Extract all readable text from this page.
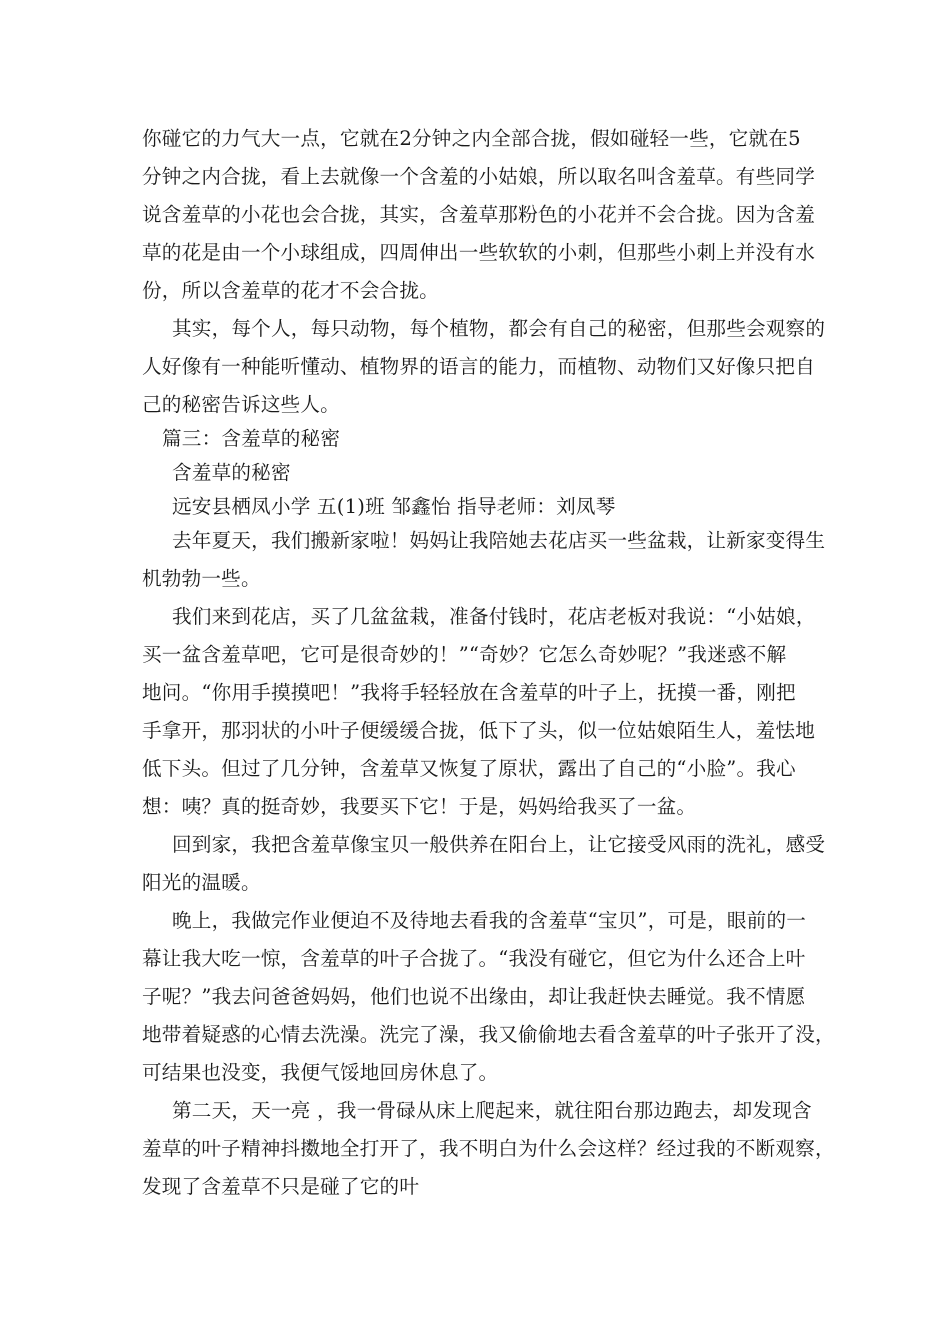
你碰它的力气大一点，它就在2分钟之内全部合拢，假如碰轻一些，它就在5
分钟之内合拢，看上去就像一个含羞的小姑娘，所以取名叫含羞草。有些同学
说含羞草的小花也会合拢，其实，含羞草那粉色的小花并不会合拢。因为含羞
草的花是由一个小球组成，四周伸出一些软软的小刺，但那些小刺上并没有水
份，所以含羞草的花才不会合拢。
其实，每个人，每只动物，每个植物，都会有自己的秘密，但那些会观察的
人好像有一种能听懂动、植物界的语言的能力，而植物、动物们又好像只把自
己的秘密告诉这些人。
篇三：含羞草的秘密
含羞草的秘密
远安县栖凤小学 五(1)班 邹鑫怡 指导老师：刘凤琴
去年夏天，我们搬新家啦！妈妈让我陪她去花店买一些盆栽，让新家变得生
机勃勃一些。
我们来到花店，买了几盆盆栽，准备付钱时，花店老板对我说：“小姑娘，
买一盆含羞草吧，它可是很奇妙的！”“奇妙？它怎么奇妙呢？”我迷惑不解
地问。“你用手摸摸吧！”我将手轻轻放在含羞草的叶子上，抚摸一番，刚把
手拿开，那羽状的小叶子便缓缓合拢，低下了头，似一位姑娘陌生人，羞怯地
低下头。但过了几分钟，含羞草又恢复了原状，露出了自己的“小脸”。我心
想：咦？真的挺奇妙，我要买下它！于是，妈妈给我买了一盆。
回到家，我把含羞草像宝贝一般供养在阳台上，让它接受风雨的洗礼，感受
阳光的温暖。
晚上，我做完作业便迫不及待地去看我的含羞草“宝贝”，可是，眼前的一
幕让我大吃一惊，含羞草的叶子合拢了。“我没有碰它，但它为什么还合上叶
子呢？”我去问爸爸妈妈，他们也说不出缘由，却让我赶快去睡觉。我不情愿
地带着疑惑的心情去洗澡。洗完了澡，我又偷偷地去看含羞草的叶子张开了没，
可结果也没变，我便气馁地回房休息了。
第二天，天一亮 ，我一骨碌从床上爬起来，就往阳台那边跑去，却发现含
羞草的叶子精神抖擞地全打开了，我不明白为什么会这样？经过我的不断观察，
发现了含羞草不只是碰了它的叶
